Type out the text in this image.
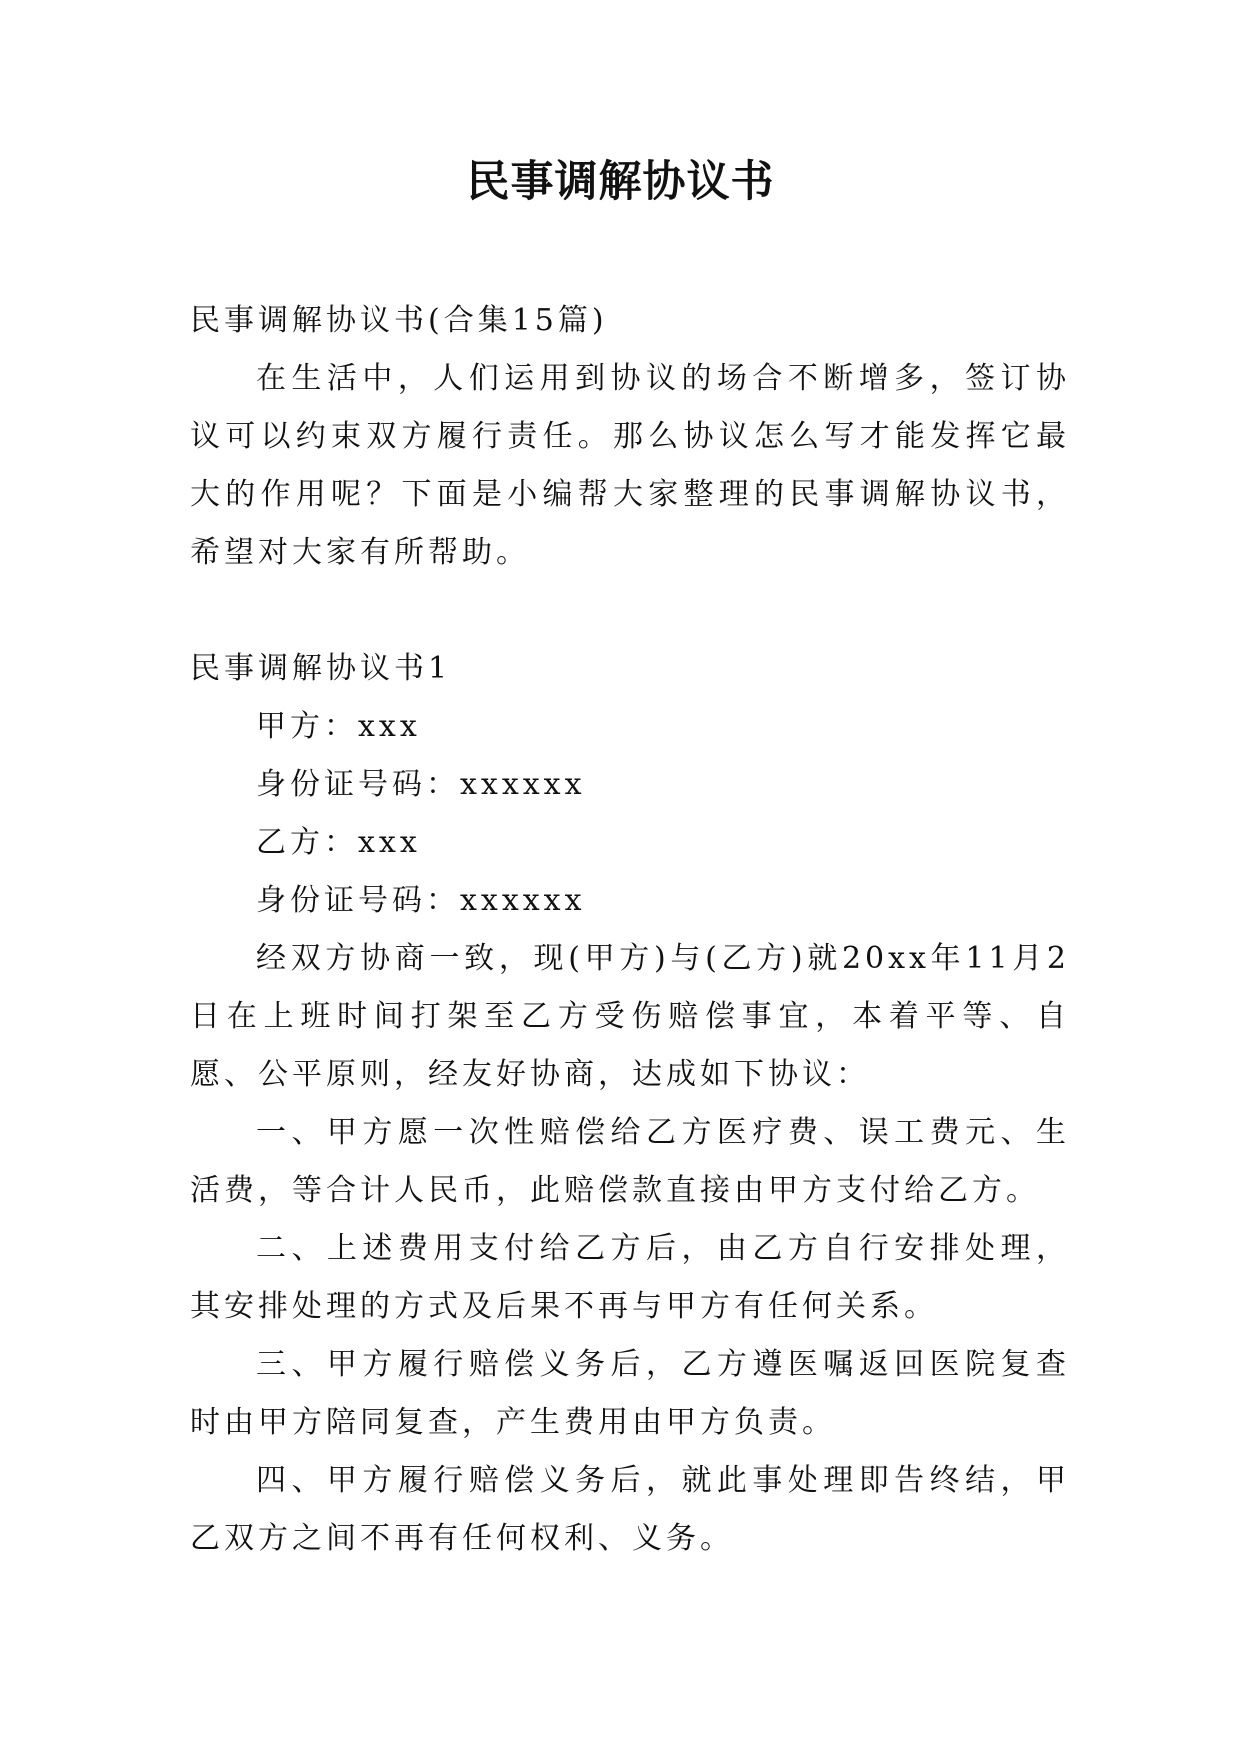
民事调解协议书

民事调解协议书(合集15篇)

在生活中，人们运用到协议的场合不断增多，签订协议可以约束双方履行责任。那么协议怎么写才能发挥它最大的作用呢？下面是小编帮大家整理的民事调解协议书，希望对大家有所帮助。

民事调解协议书1

甲方：xxx

身份证号码：xxxxxx

乙方：xxx

身份证号码：xxxxxx

经双方协商一致，现(甲方)与(乙方)就20xx年11月2日在上班时间打架至乙方受伤赔偿事宜，本着平等、自愿、公平原则，经友好协商，达成如下协议：

一、甲方愿一次性赔偿给乙方医疗费、误工费元、生活费，等合计人民币，此赔偿款直接由甲方支付给乙方。

二、上述费用支付给乙方后，由乙方自行安排处理，其安排处理的方式及后果不再与甲方有任何关系。

三、甲方履行赔偿义务后，乙方遵医嘱返回医院复查时由甲方陪同复查，产生费用由甲方负责。

四、甲方履行赔偿义务后，就此事处理即告终结，甲乙双方之间不再有任何权利、义务。
